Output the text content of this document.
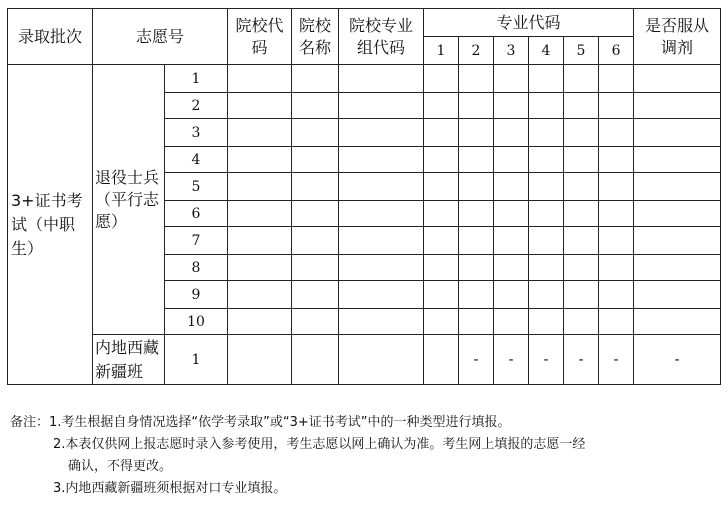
录取批次	志愿号		院校代码	院校名称	院校专业组代码	专业代码						是否服从调剂
						1	2	3	4	5	6	
3+证书考试（中职生）	退役士兵（平行志愿）	1										
		2										
		3										
		4										
		5										
		6										
		7										
		8										
		9										
		10										
	内地西藏新疆班	1					-	-	-	-	-	-
备注：1.考生根据自身情况选择“依学考录取”或“3+证书考试”中的一种类型进行填报。
2.本表仅供网上报志愿时录入参考使用，考生志愿以网上确认为准。考生网上填报的志愿一经
确认，不得更改。
3.内地西藏新疆班须根据对口专业填报。
